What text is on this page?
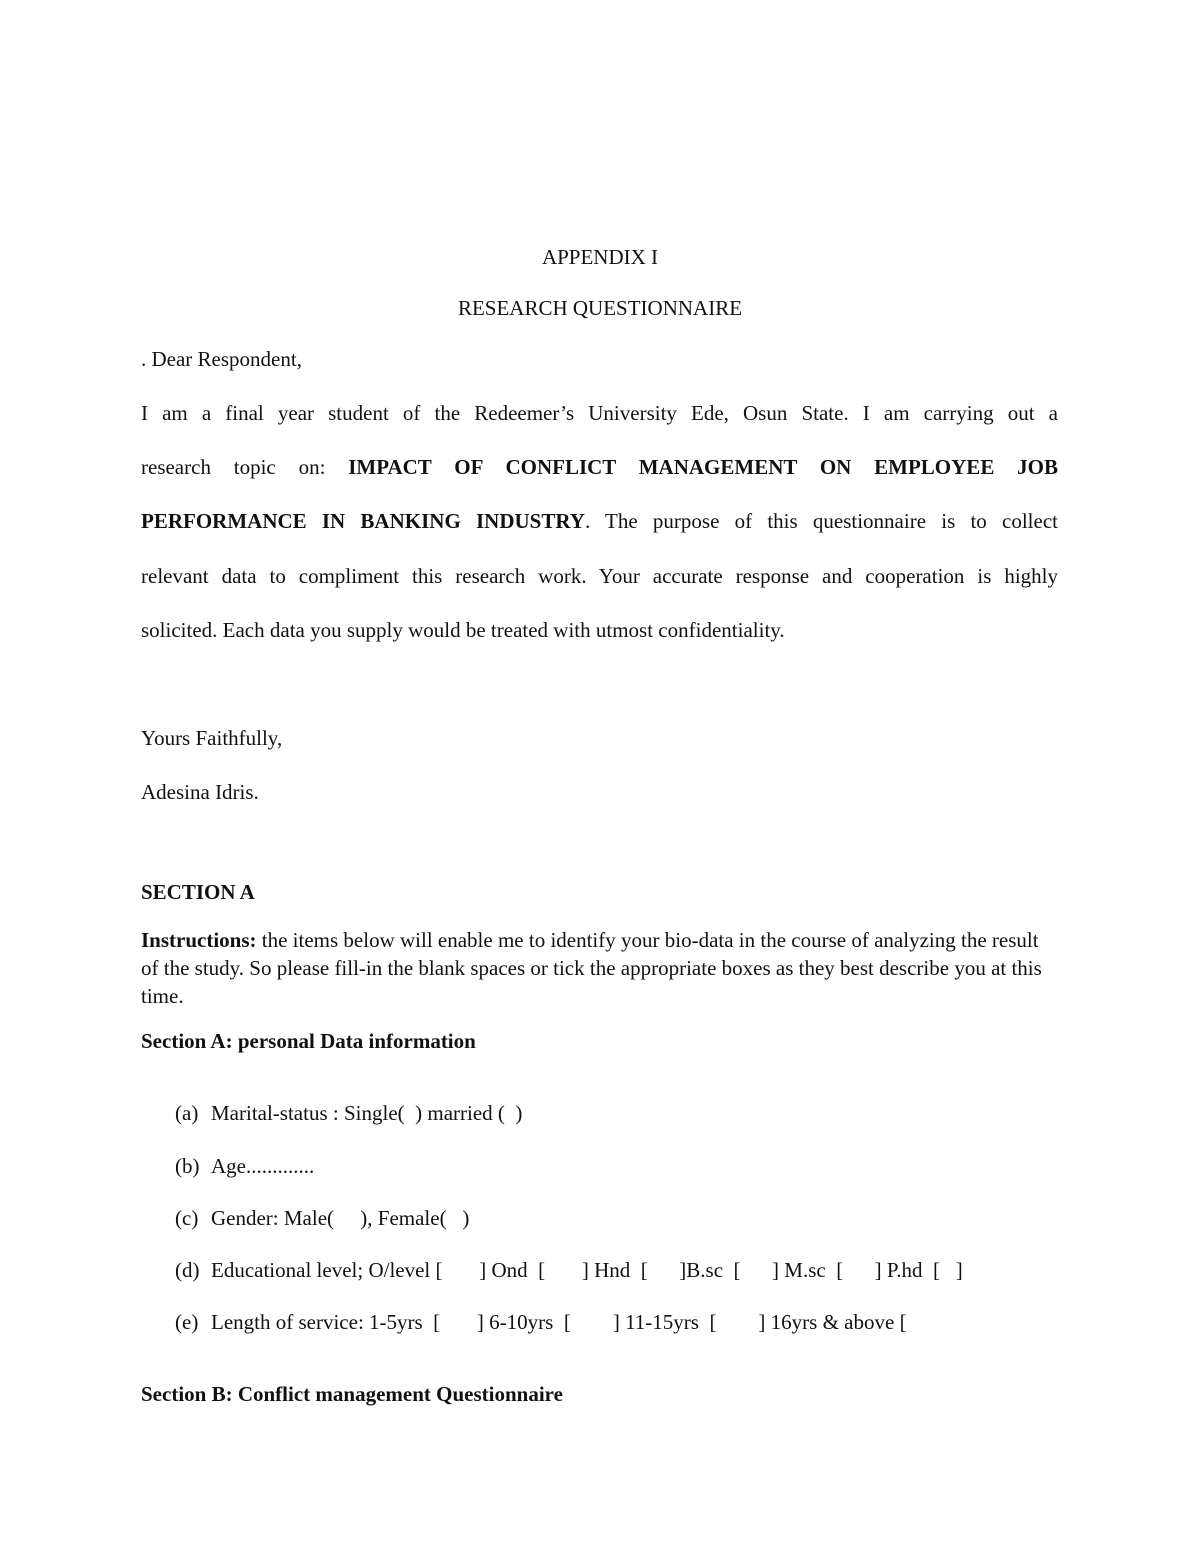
APPENDIX I
RESEARCH QUESTIONNAIRE
. Dear Respondent,
I am a final year student of the Redeemer’s University Ede, Osun State. I am carrying out a
research topic on: IMPACT OF CONFLICT MANAGEMENT ON EMPLOYEE JOB
PERFORMANCE IN BANKING INDUSTRY. The purpose of this questionnaire is to collect
relevant data to compliment this research work. Your accurate response and cooperation is highly
solicited. Each data you supply would be treated with utmost confidentiality.
Yours Faithfully,
Adesina Idris.
SECTION A
Instructions: the items below will enable me to identify your bio-data in the course of analyzing the result of the study. So please fill-in the blank spaces or tick the appropriate boxes as they best describe you at this time.
Section A: personal Data information
(a) Marital-status : Single(  ) married (  )
(b) Age.............
(c) Gender: Male(     ), Female(   )
(d) Educational level; O/level [       ] Ond  [       ] Hnd  [      ]B.sc  [      ] M.sc  [      ] P.hd  [   ]
(e) Length of service: 1-5yrs  [       ] 6-10yrs  [        ] 11-15yrs  [        ] 16yrs & above [
Section B: Conflict management Questionnaire
